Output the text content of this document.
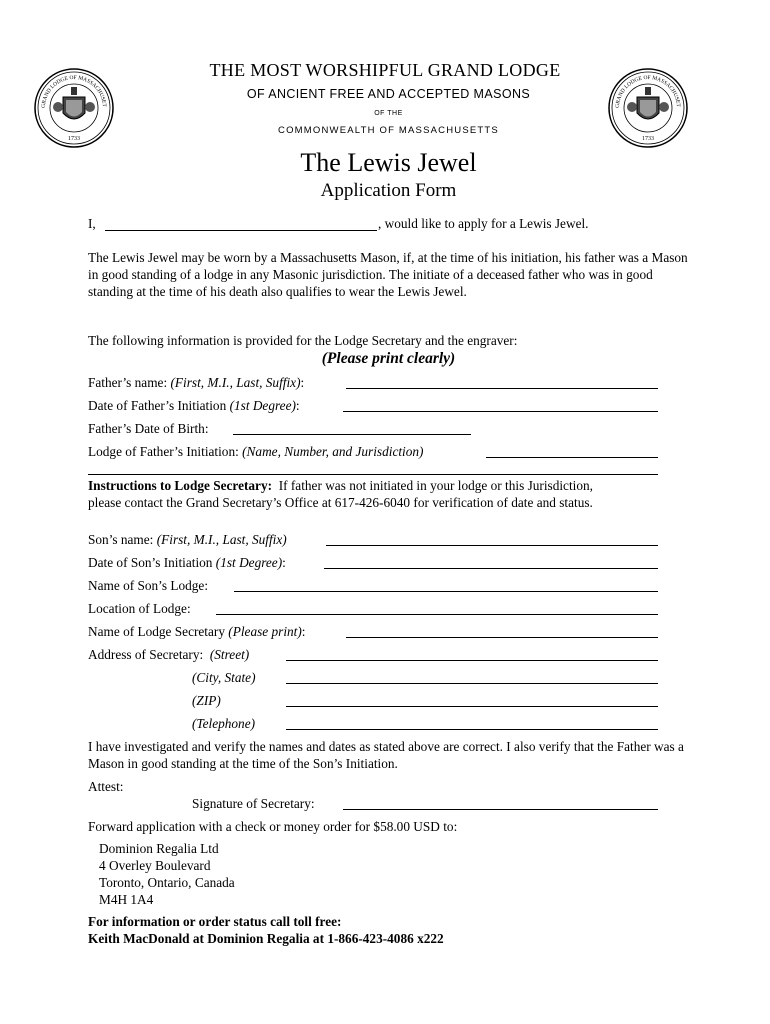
GRAND LODGE OF MASSACHUSET
1733
GRAND LODGE OF MASSACHUSET
1733
THE MOST WORSHIPFUL GRAND LODGE
OF ANCIENT FREE AND ACCEPTED MASONS
OF THE
COMMONWEALTH OF MASSACHUSETTS
The Lewis Jewel
Application Form
I,	, would like to apply for a Lewis Jewel.
The Lewis Jewel may be worn by a Massachusetts Mason, if, at the time of his initiation, his father was a Mason in good standing of a lodge in any Masonic jurisdiction. The initiate of a deceased father who was in good standing at the time of his death also qualifies to wear the Lewis Jewel.
The following information is provided for the Lodge Secretary and the engraver:
(Please print clearly)
Father’s name: (First, M.I., Last, Suffix):
Date of Father’s Initiation (1st Degree):
Father’s Date of Birth:
Lodge of Father’s Initiation: (Name, Number, and Jurisdiction)
Instructions to Lodge Secretary: If father was not initiated in your lodge or this Jurisdiction,
please contact the Grand Secretary’s Office at 617-426-6040 for verification of date and status.
Son’s name: (First, M.I., Last, Suffix)
Date of Son’s Initiation (1st Degree):
Name of Son’s Lodge:
Location of Lodge:
Name of Lodge Secretary (Please print):
Address of Secretary: (Street)
(City, State)
(ZIP)
(Telephone)
I have investigated and verify the names and dates as stated above are correct. I also verify that the Father was a Mason in good standing at the time of the Son’s Initiation.
Attest:
Signature of Secretary:
Forward application with a check or money order for $58.00 USD to:
Dominion Regalia Ltd
4 Overley Boulevard
Toronto, Ontario, Canada
M4H 1A4
For information or order status call toll free:
Keith MacDonald at Dominion Regalia at 1-866-423-4086 x222
